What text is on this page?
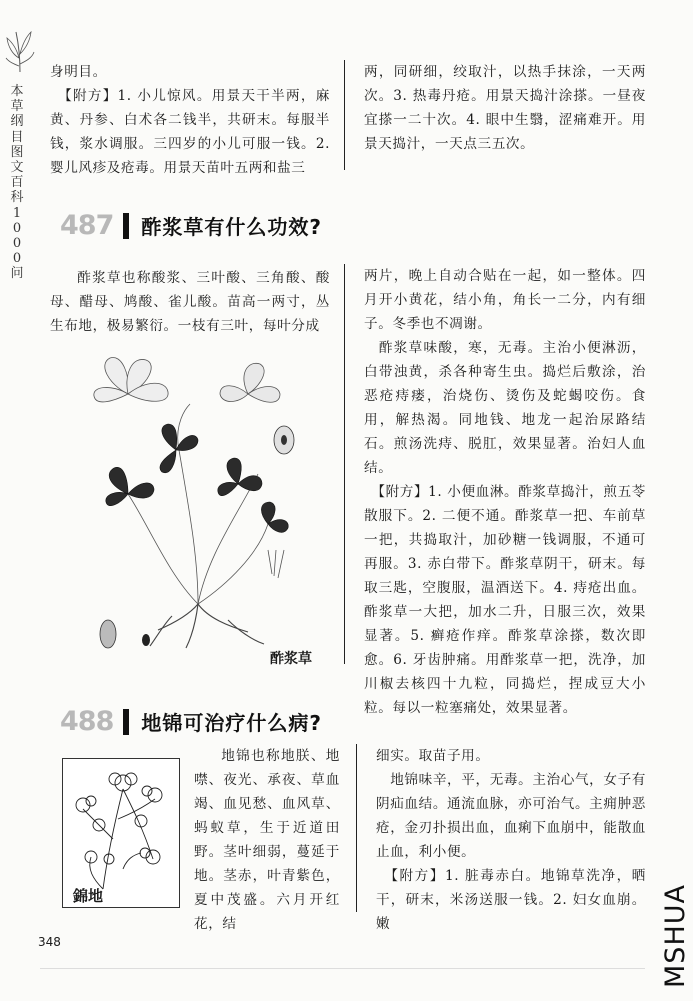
本草纲目图文百科1000问
身明目。
　【附方】1. 小儿惊风。用景天干半两，麻黄、丹参、白术各二钱半，共研末。每服半钱，浆水调服。三四岁的小儿可服一钱。2. 婴儿风疹及疮毒。用景天苗叶五两和盐三
两，同研细，绞取汁，以热手抹涂，一天两次。3. 热毒丹疮。用景天捣汁涂搽。一昼夜宜搽一二十次。4. 眼中生翳，涩痛难开。用景天捣汁，一天点三五次。
487 酢浆草有什么功效?
酢浆草也称酸浆、三叶酸、三角酸、酸母、醋母、鸠酸、雀儿酸。苗高一两寸，丛生布地，极易繁衍。一枝有三叶，每叶分成
酢浆草
两片，晚上自动合贴在一起，如一整体。四月开小黄花，结小角，角长一二分，内有细子。冬季也不凋谢。
　酢浆草味酸，寒，无毒。主治小便淋沥，白带浊黄，杀各种寄生虫。捣烂后敷涂，治恶疮痔瘘，治烧伤、烫伤及蛇蝎咬伤。食用，解热渴。同地钱、地龙一起治尿路结石。煎汤洗痔、脱肛，效果显著。治妇人血结。
　【附方】1. 小便血淋。酢浆草捣汁，煎五苓散服下。2. 二便不通。酢浆草一把、车前草一把，共捣取汁，加砂糖一钱调服，不通可再服。3. 赤白带下。酢浆草阴干，研末。每取三匙，空腹服，温酒送下。4. 痔疮出血。酢浆草一大把，加水二升，日服三次，效果显著。5. 癣疮作痒。酢浆草涂搽，数次即愈。6. 牙齿肿痛。用酢浆草一把，洗净，加川椒去核四十九粒，同捣烂，捏成豆大小粒。每以一粒塞痛处，效果显著。
488 地锦可治疗什么病?
錦地
地锦也称地朕、地噤、夜光、承夜、草血竭、血见愁、血风草、蚂蚁草，生于近道田野。茎叶细弱，蔓延于地。茎赤，叶青紫色，夏中茂盛。六月开红花，结
细实。取苗子用。
　地锦味辛，平，无毒。主治心气，女子有阴疝血结。通流血脉，亦可治气。主痈肿恶疮，金刃扑损出血，血痢下血崩中，能散血止血，利小便。
　【附方】1. 脏毒赤白。地锦草洗净，晒干，研末，米汤送服一钱。2. 妇女血崩。嫩
348	MSHUA
